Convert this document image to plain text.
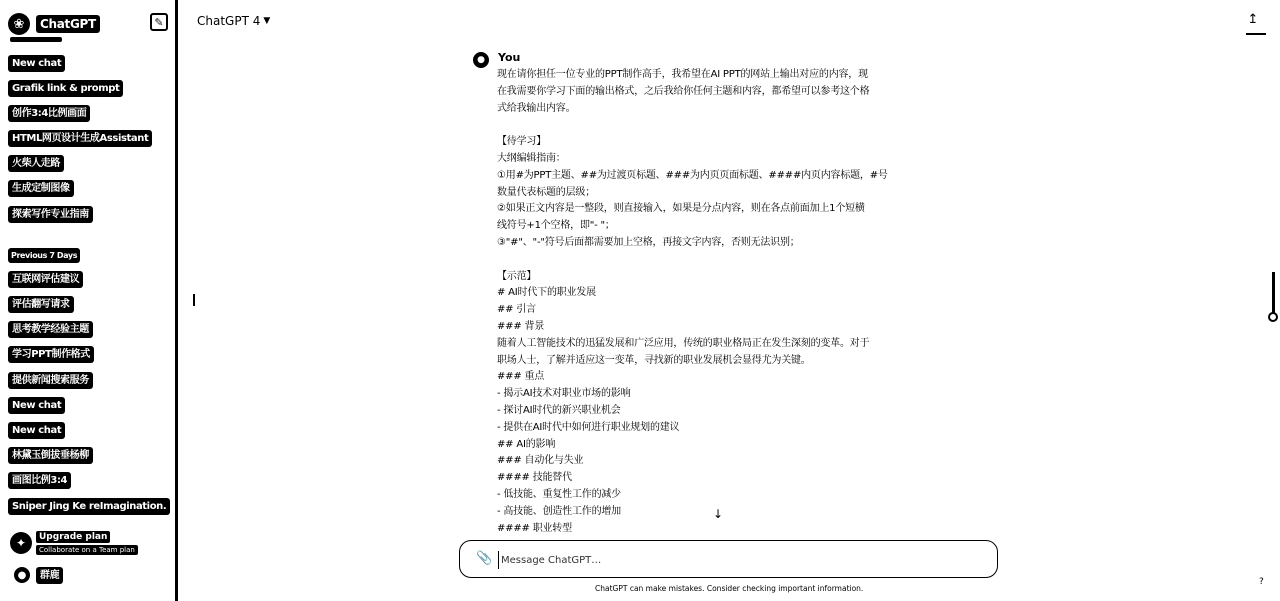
❀	ChatGPT	✎
New chat
Grafik link & prompt
创作3:4比例画面
HTML网页设计生成Assistant
火柴人走路
生成定制图像
探索写作专业指南
Previous 7 Days
互联网评估建议
评估翻写请求
思考教学经验主题
学习PPT制作格式
提供新闻搜索服务
New chat
New chat
林黛玉倒拔垂杨柳
画图比例3:4
Sniper Jing Ke reImagination.
✦	Upgrade plan
Collaborate on a Team plan
●	群鹿
ChatGPT 4 ▼	↥
●	You
现在请你担任一位专业的PPT制作高手，我希望在AI PPT的网站上输出对应的内容，现
在我需要你学习下面的输出格式，之后我给你任何主题和内容，都希望可以参考这个格
式给我输出内容。
【待学习】
大纲编辑指南：
①用#为PPT主题、##为过渡页标题、###为内页页面标题、####内页内容标题，#号
数量代表标题的层级；
②如果正文内容是一整段，则直接输入，如果是分点内容，则在各点前面加上1个短横
线符号+1个空格，即"- "；
③"#"、"-"符号后面都需要加上空格，再接文字内容，否则无法识别；
【示范】
# AI时代下的职业发展
## 引言
### 背景
随着人工智能技术的迅猛发展和广泛应用，传统的职业格局正在发生深刻的变革。对于
职场人士，了解并适应这一变革，寻找新的职业发展机会显得尤为关键。
### 重点
- 揭示AI技术对职业市场的影响
- 探讨AI时代的新兴职业机会
- 提供在AI时代中如何进行职业规划的建议
## AI的影响
### 自动化与失业
#### 技能替代
- 低技能、重复性工作的减少
- 高技能、创造性工作的增加
#### 职业转型
↓
📎
Message ChatGPT…
ChatGPT can make mistakes. Consider checking important information.
?
